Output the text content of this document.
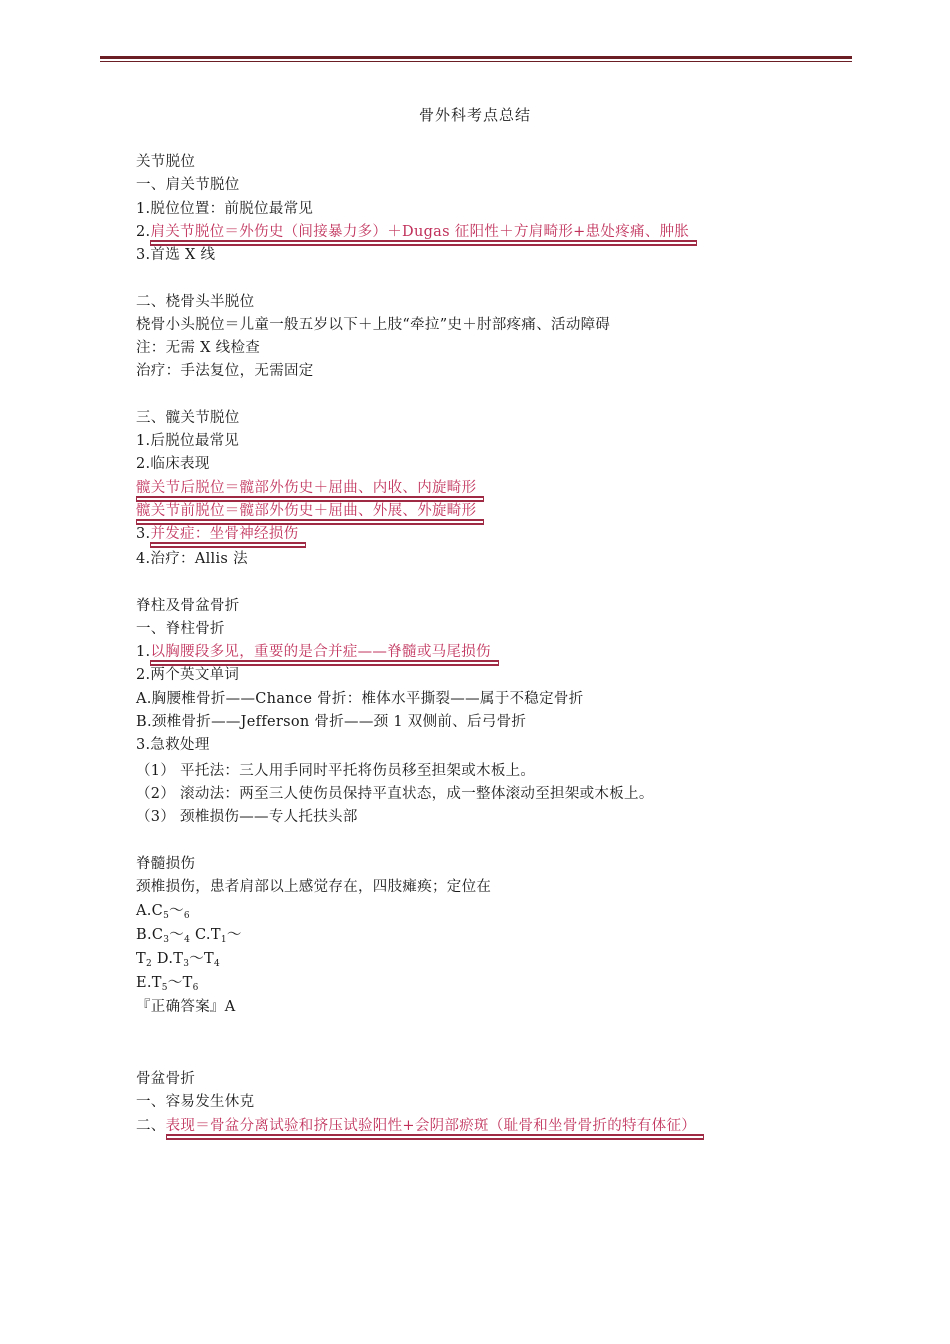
骨外科考点总结
关节脱位
一、肩关节脱位
1.脱位位置：前脱位最常见
2.肩关节脱位＝外伤史（间接暴力多）＋Dugas 征阳性＋方肩畸形+患处疼痛、肿胀
3.首选 X 线
二、桡骨头半脱位
桡骨小头脱位＝儿童一般五岁以下＋上肢“牵拉”史＋肘部疼痛、活动障碍
注：无需 X 线检查
治疗：手法复位，无需固定
三、髋关节脱位
1.后脱位最常见
2.临床表现
髋关节后脱位＝髋部外伤史＋屈曲、内收、内旋畸形
髋关节前脱位＝髋部外伤史＋屈曲、外展、外旋畸形
3.并发症：坐骨神经损伤
4.治疗：Allis 法
脊柱及骨盆骨折
一、脊柱骨折
1.以胸腰段多见，重要的是合并症——脊髓或马尾损伤
2.两个英文单词
A.胸腰椎骨折——Chance 骨折：椎体水平撕裂——属于不稳定骨折
B.颈椎骨折——Jefferson 骨折——颈 1 双侧前、后弓骨折
3.急救处理
（1） 平托法：三人用手同时平托将伤员移至担架或木板上。
（2） 滚动法：两至三人使伤员保持平直状态，成一整体滚动至担架或木板上。
（3） 颈椎损伤——专人托扶头部
脊髓损伤
颈椎损伤，患者肩部以上感觉存在，四肢瘫痪；定位在
$A.C_5\sim_6$
$B.C_3\sim_4$ $C.T_1\sim$
$T_2$ $D.T_3\sim T_4$
$E.T_5\sim T_6$
『正确答案』A
骨盆骨折
一、容易发生休克
二、表现＝骨盆分离试验和挤压试验阳性+会阴部瘀斑（耻骨和坐骨骨折的特有体征）
